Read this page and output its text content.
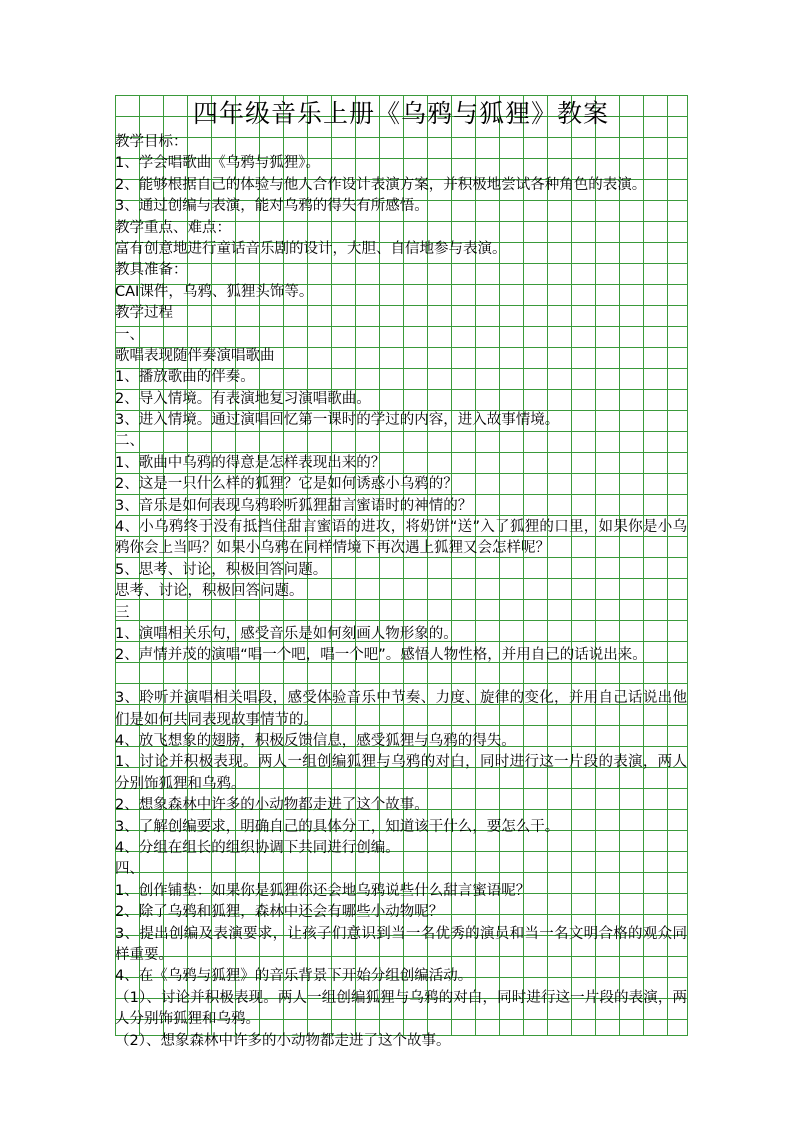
四年级音乐上册《乌鸦与狐狸》教案
教学目标：
1、学会唱歌曲《乌鸦与狐狸》。
2、能够根据自己的体验与他人合作设计表演方案，并积极地尝试各种角色的表演。
3、通过创编与表演，能对乌鸦的得失有所感悟。
教学重点、难点：
富有创意地进行童话音乐剧的设计，大胆、自信地参与表演。
教具准备：
CAI课件，乌鸦、狐狸头饰等。
教学过程
一、
歌唱表现随伴奏演唱歌曲
1、播放歌曲的伴奏。
2、导入情境。有表演地复习演唱歌曲。
3、进入情境。通过演唱回忆第一课时的学过的内容，进入故事情境。
二、
1、歌曲中乌鸦的得意是怎样表现出来的？
2、这是一只什么样的狐狸？它是如何诱惑小乌鸦的？
3、音乐是如何表现乌鸦聆听狐狸甜言蜜语时的神情的？
4、小乌鸦终于没有抵挡住甜言蜜语的进攻，将奶饼“送”入了狐狸的口里，如果你是小乌鸦你会上当吗？如果小乌鸦在同样情境下再次遇上狐狸又会怎样呢？
5、思考、讨论，积极回答问题。
思考、讨论，积极回答问题。
三
1、演唱相关乐句，感受音乐是如何刻画人物形象的。
2、声情并茂的演唱“唱一个吧，唱一个吧”。感悟人物性格，并用自己的话说出来。
3、聆听并演唱相关唱段，感受体验音乐中节奏、力度、旋律的变化，并用自己话说出他们是如何共同表现故事情节的。
4、放飞想象的翅膀，积极反馈信息，感受狐狸与乌鸦的得失。
1、讨论并积极表现。两人一组创编狐狸与乌鸦的对白，同时进行这一片段的表演，两人分别饰狐狸和乌鸦。
2、想象森林中许多的小动物都走进了这个故事。
3、了解创编要求，明确自己的具体分工，知道该干什么，要怎么干。
4、分组在组长的组织协调下共同进行创编。
四、
1、创作铺垫：如果你是狐狸你还会地乌鸦说些什么甜言蜜语呢？
2、除了乌鸦和狐狸，森林中还会有哪些小动物呢？
3、提出创编及表演要求，让孩子们意识到当一名优秀的演员和当一名文明合格的观众同样重要。
4、在《乌鸦与狐狸》的音乐背景下开始分组创编活动。
（1）、讨论并积极表现。两人一组创编狐狸与乌鸦的对白，同时进行这一片段的表演，两人分别饰狐狸和乌鸦。
（2）、想象森林中许多的小动物都走进了这个故事。
